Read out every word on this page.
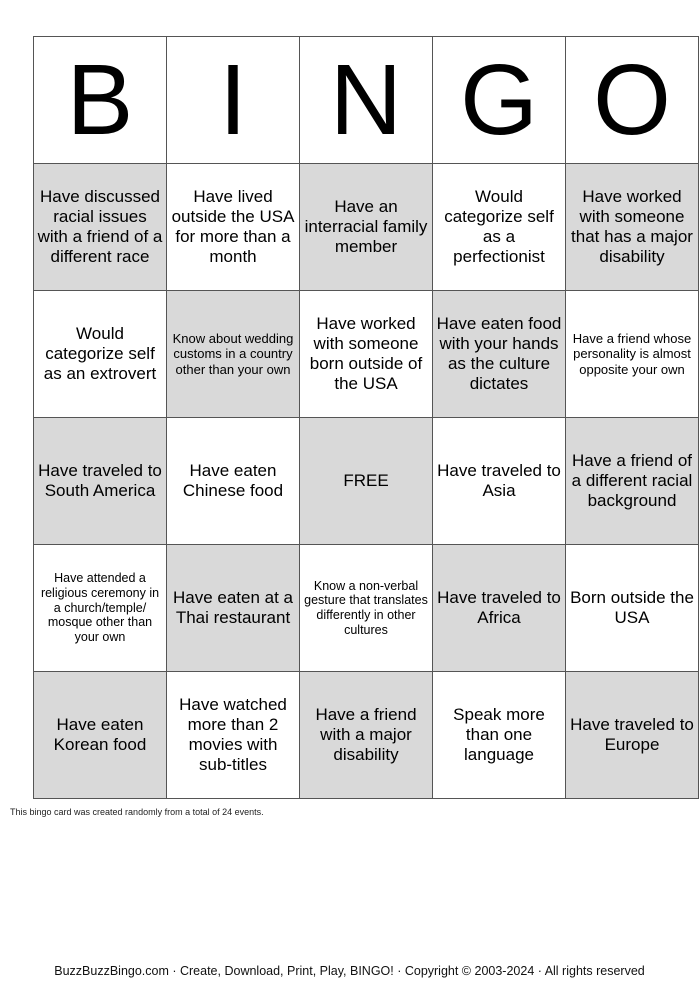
B	I	N	G	O
Have discussed racial issues with a friend of a different race	Have lived outside the USA for more than a month	Have an interracial family member	Would categorize self as a perfectionist	Have worked with someone that has a major disability
Would categorize self as an extrovert	Know about wedding customs in a country other than your own	Have worked with someone born outside of the USA	Have eaten food with your hands as the culture dictates	Have a friend whose personality is almost opposite your own
Have traveled to South America	Have eaten Chinese food	FREE	Have traveled to Asia	Have a friend of a different racial background
Have attended a religious ceremony in a church/temple/ mosque other than your own	Have eaten at a Thai restaurant	Know a non-verbal gesture that translates differently in other cultures	Have traveled to Africa	Born outside the USA
Have eaten Korean food	Have watched more than 2 movies with sub-titles	Have a friend with a major disability	Speak more than one language	Have traveled to Europe
This bingo card was created randomly from a total of 24 events.
BuzzBuzzBingo.com · Create, Download, Print, Play, BINGO! · Copyright © 2003-2024 · All rights reserved
